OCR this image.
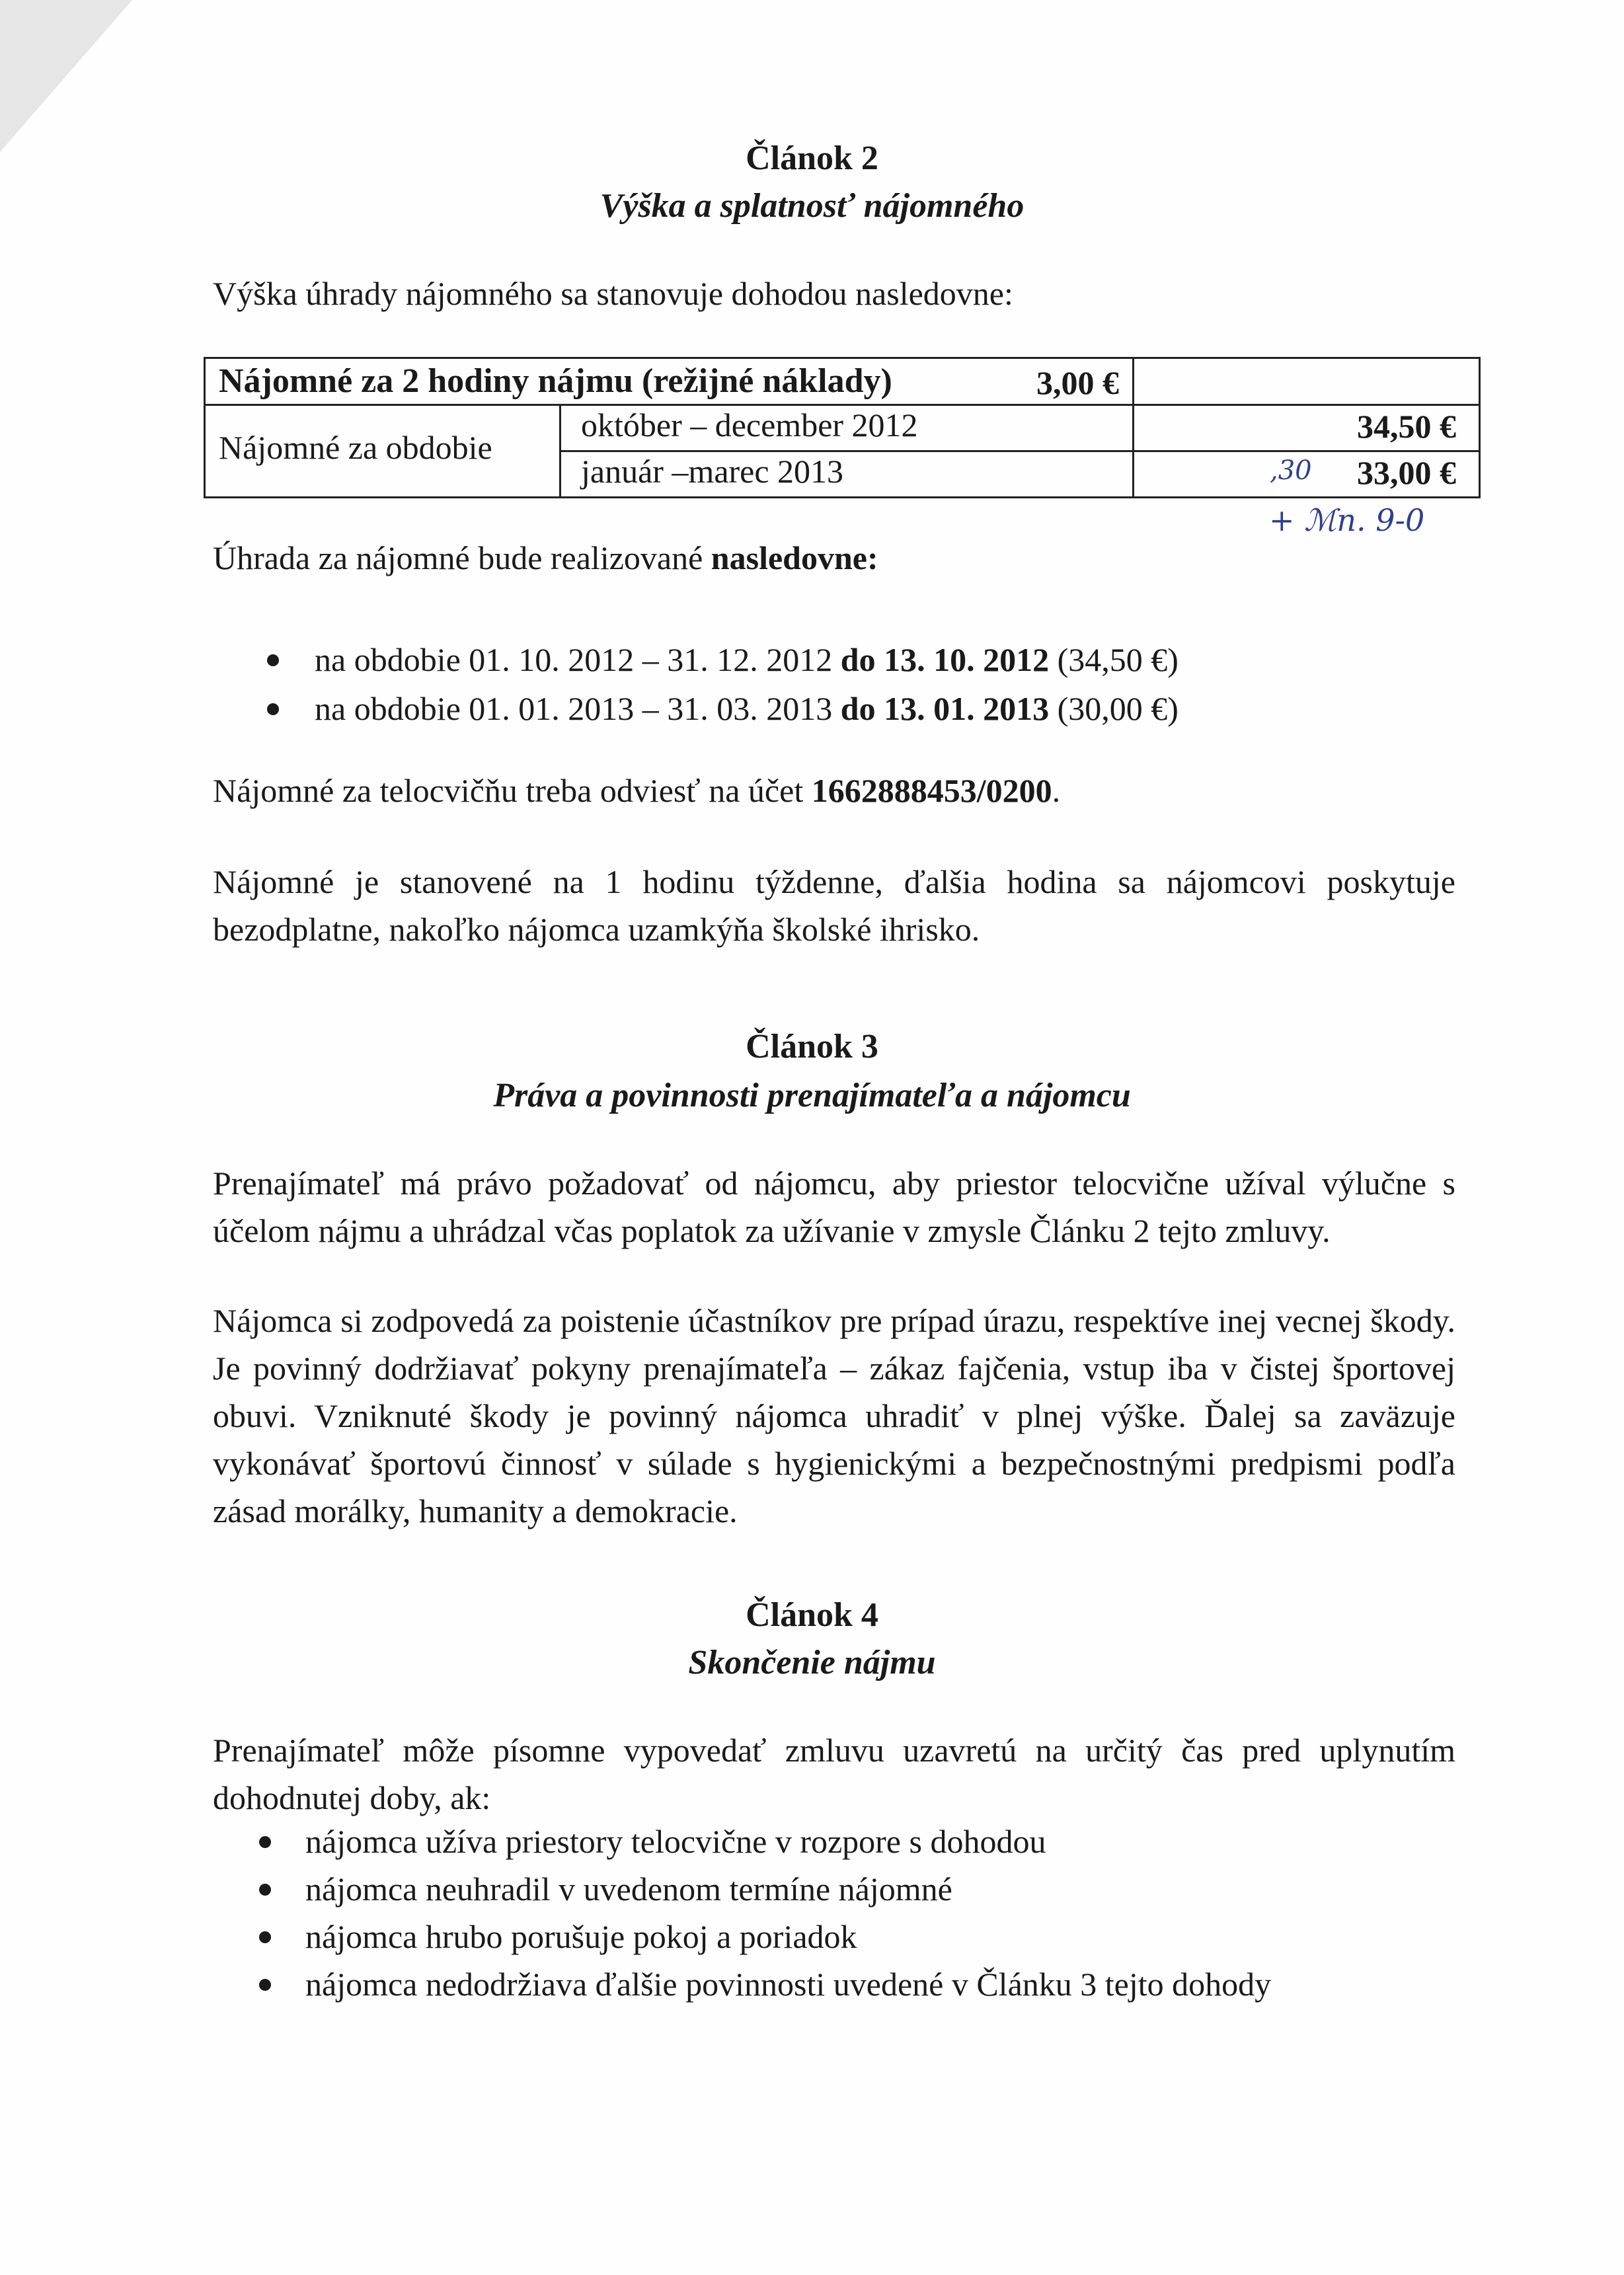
Článok 2
Výška a splatnosť nájomného
Výška úhrady nájomného sa stanovuje dohodou nasledovne:
Nájomné za 2 hodiny nájmu (režijné náklady)	3,00 €
Nájomné za obdobie
október – december 2012	34,50 €
január –marec 2013	33,00 €
,30
+ ℳn. 9-0
Úhrada za nájomné bude realizované nasledovne:
na obdobie 01. 10. 2012 – 31. 12. 2012 do 13. 10. 2012 (34,50 €)
na obdobie 01. 01. 2013 – 31. 03. 2013 do 13. 01. 2013 (30,00 €)
Nájomné za telocvičňu treba odviesť na účet 1662888453/0200.
Nájomné je stanovené na 1 hodinu týždenne, ďalšia hodina sa nájomcovi poskytuje bezodplatne, nakoľko nájomca uzamkýňa školské ihrisko.
Článok 3
Práva a povinnosti prenajímateľa a nájomcu
Prenajímateľ má právo požadovať od nájomcu, aby priestor telocvične užíval výlučne s účelom nájmu a uhrádzal včas poplatok za užívanie v zmysle Článku 2 tejto zmluvy.
Nájomca si zodpovedá za poistenie účastníkov pre prípad úrazu, respektíve inej vecnej škody. Je povinný dodržiavať pokyny prenajímateľa – zákaz fajčenia, vstup iba v čistej športovej obuvi. Vzniknuté škody je povinný nájomca uhradiť v plnej výške. Ďalej sa zaväzuje vykonávať športovú činnosť v súlade s hygienickými a bezpečnostnými predpismi podľa zásad morálky, humanity a demokracie.
Článok 4
Skončenie nájmu
Prenajímateľ môže písomne vypovedať zmluvu uzavretú na určitý čas pred uplynutím dohodnutej doby, ak:
nájomca užíva priestory telocvične v rozpore s dohodou
nájomca neuhradil v uvedenom termíne nájomné
nájomca hrubo porušuje pokoj a poriadok
nájomca nedodržiava ďalšie povinnosti uvedené v Článku 3 tejto dohody
